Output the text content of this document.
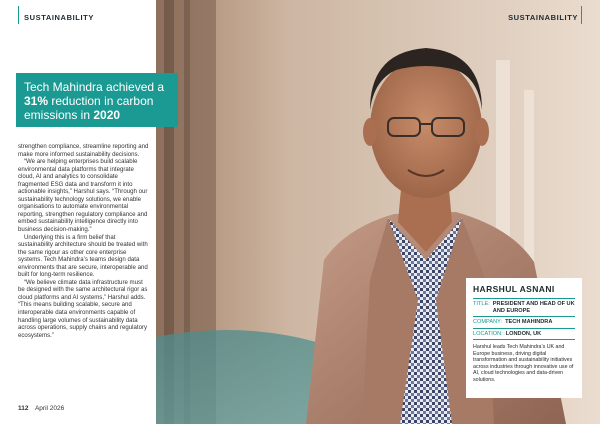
SUSTAINABILITY

strengthen compliance, streamline reporting and make more informed sustainability decisions.

“We are helping enterprises build scalable environmental data platforms that integrate cloud, AI and analytics to consolidate fragmented ESG data and transform it into actionable insights,” Harshul says. “Through our sustainability technology solutions, we enable organisations to automate environmental reporting, strengthen regulatory compliance and embed sustainability intelligence directly into business decision-making.”

Underlying this is a firm belief that sustainability architecture should be treated with the same rigour as other core enterprise systems. Tech Mahindra’s teams design data environments that are secure, interoperable and built for long-term resilience.

“We believe climate data infrastructure must be designed with the same architectural rigor as cloud platforms and AI systems,” Harshul adds. “This means building scalable, secure and interoperable data environments capable of handling large volumes of sustainability data across operations, supply chains and regulatory ecosystems.”

112 April 2026
Tech Mahindra achieved a 31% reduction in carbon emissions in 2020
SUSTAINABILITY
HARSHUL ASNANI
TITLE: PRESIDENT AND HEAD OF UK AND EUROPE
COMPANY: TECH MAHINDRA
LOCATION: LONDON, UK
Harshul leads Tech Mahindra’s UK and Europe business, driving digital transformation and sustainability initiatives across industries through innovative use of AI, cloud technologies and data-driven solutions.
